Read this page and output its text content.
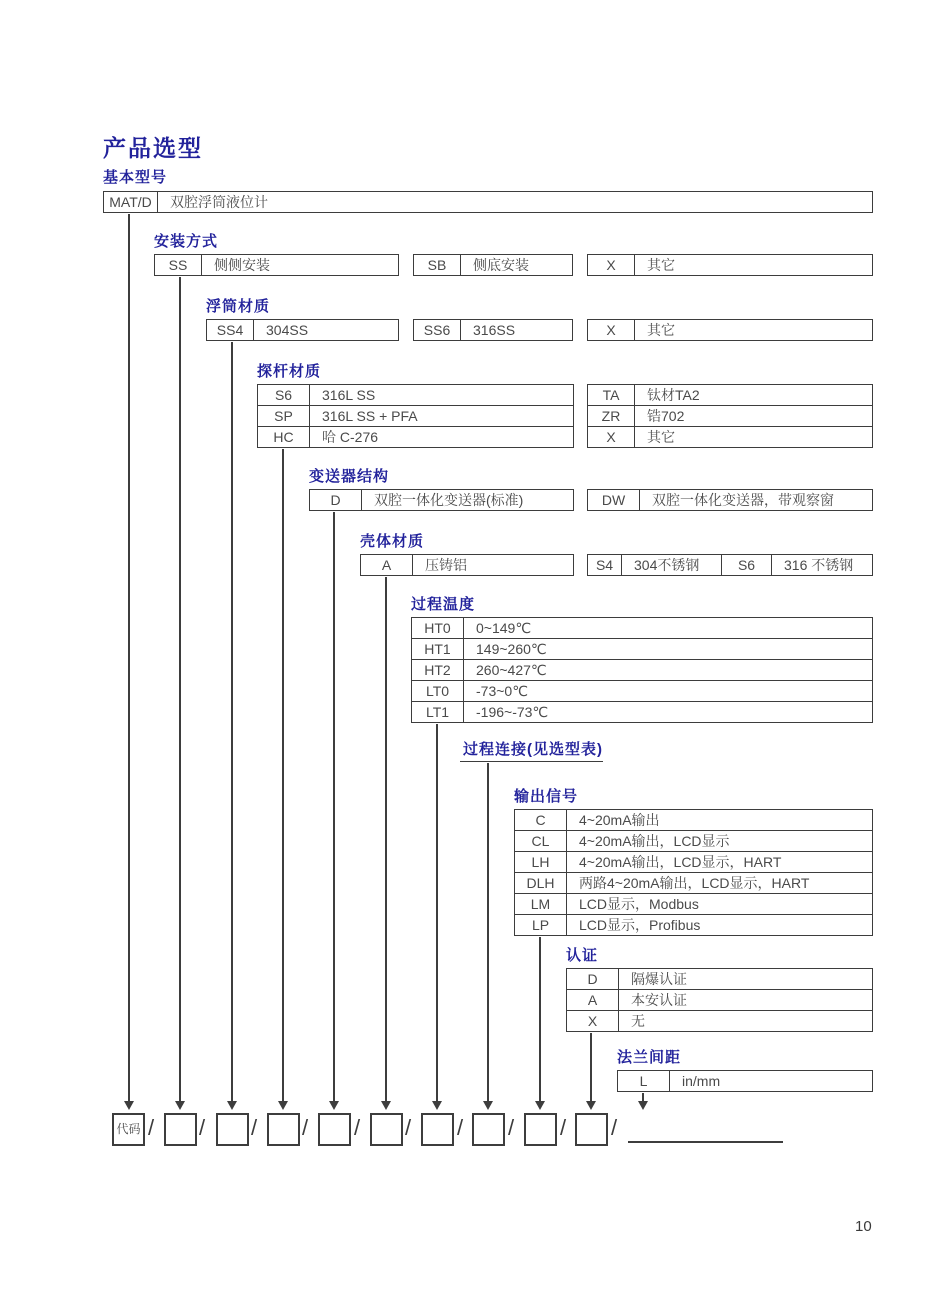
产品选型
基本型号
MAT/D	双腔浮筒液位计
安装方式
SS	侧侧安装	SB	侧底安装	X	其它
浮筒材质
SS4	304SS	SS6	316SS	X	其它
探杆材质
S6	316L SS
SP	316L SS + PFA
HC	哈 C-276
TA	钛材TA2
ZR	锆702
X	其它
变送器结构
D	双腔一体化变送器(标准)	DW	双腔一体化变送器，带观察窗
壳体材质
A	压铸铝	S4	304不锈钢	S6	316 不锈钢
过程温度
HT0	0~149℃
HT1	149~260℃
HT2	260~427℃
LT0	-73~0℃
LT1	-196~-73℃
过程连接(见选型表)
输出信号
C	4~20mA输出
CL	4~20mA输出，LCD显示
LH	4~20mA输出，LCD显示，HART
DLH	两路4~20mA输出，LCD显示，HART
LM	LCD显示，Modbus
LP	LCD显示，Profibus
认证
D	隔爆认证
A	本安认证
X	无
法兰间距
L	in/mm
代码 / / / / / / / / / /
10
